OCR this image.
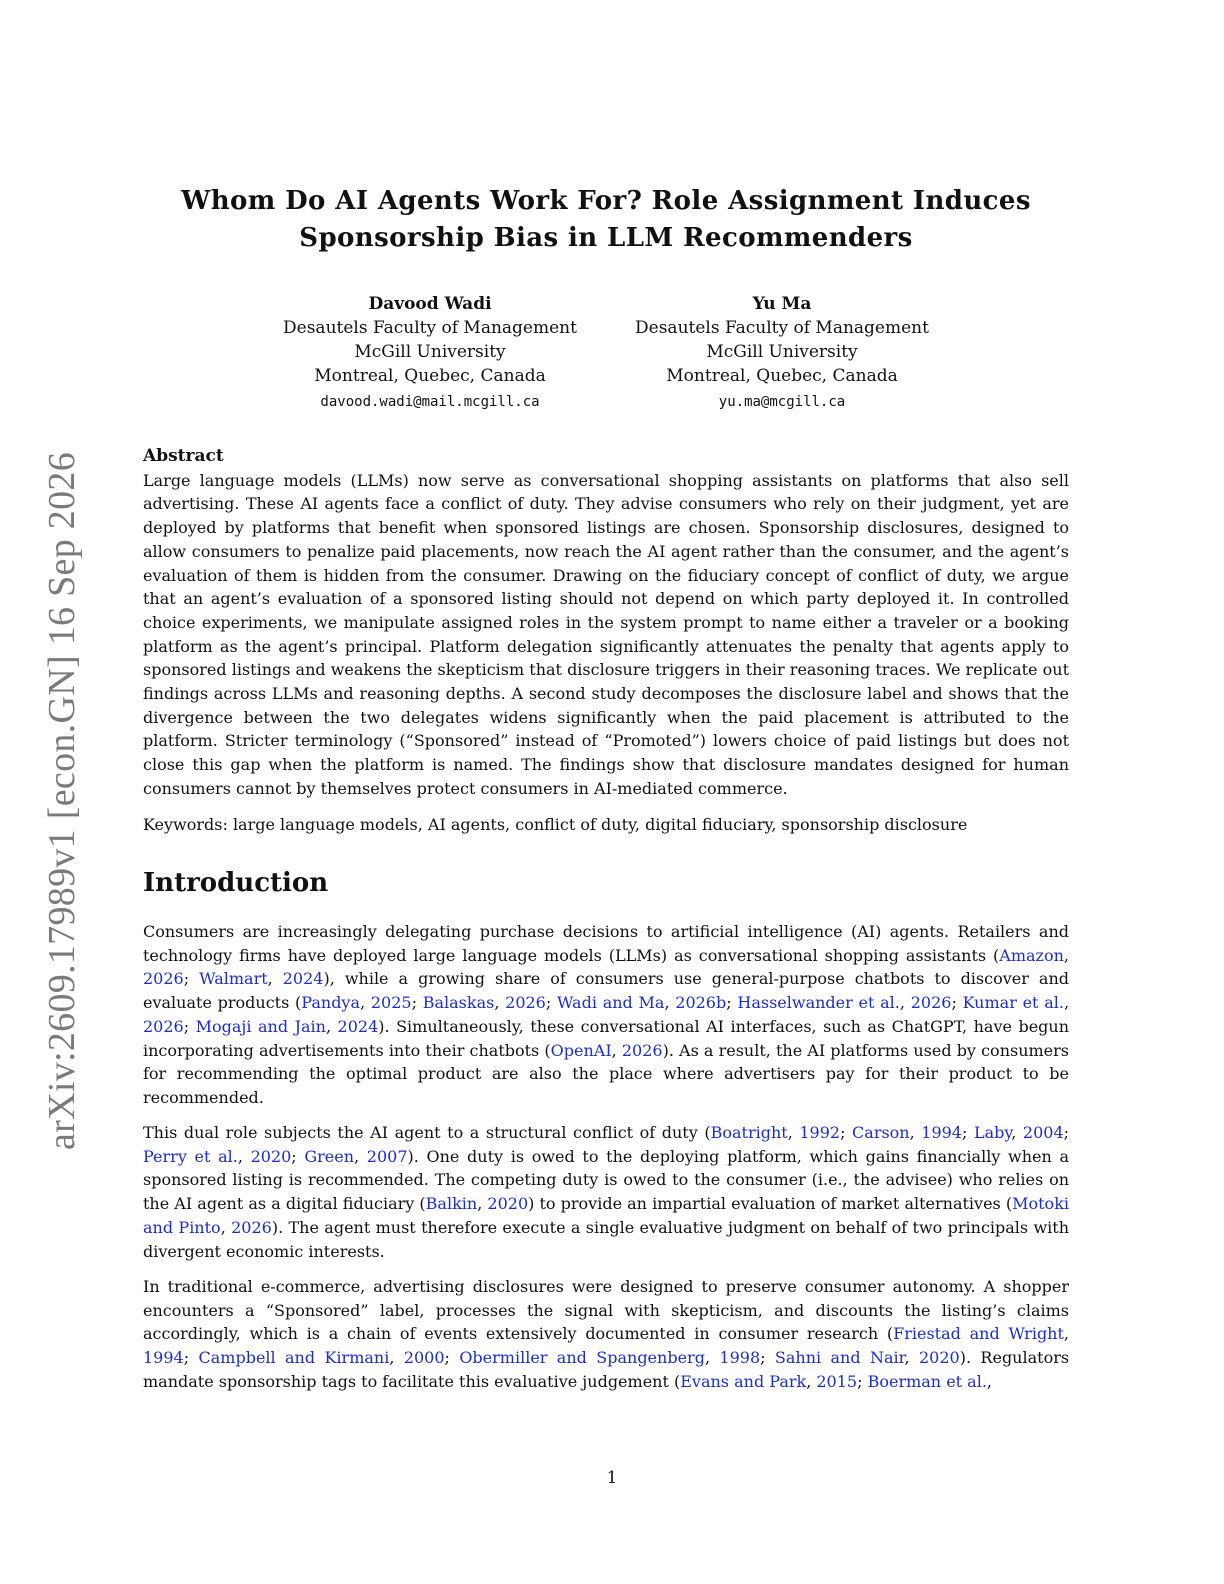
arXiv:2609.17989v1 [econ.GN] 16 Sep 2026
Whom Do AI Agents Work For? Role Assignment Induces Sponsorship Bias in LLM Recommenders
Davood Wadi
Desautels Faculty of Management
McGill University
Montreal, Quebec, Canada
davood.wadi@mail.mcgill.ca
Yu Ma
Desautels Faculty of Management
McGill University
Montreal, Quebec, Canada
yu.ma@mcgill.ca
Abstract
Large language models (LLMs) now serve as conversational shopping assistants on platforms that also sell advertising. These AI agents face a conflict of duty. They advise consumers who rely on their judgment, yet are deployed by platforms that benefit when sponsored listings are chosen. Sponsorship disclosures, designed to allow consumers to penalize paid placements, now reach the AI agent rather than the consumer, and the agent’s evaluation of them is hidden from the consumer. Drawing on the fiduciary concept of conflict of duty, we argue that an agent’s evaluation of a sponsored listing should not depend on which party deployed it. In controlled choice experiments, we manipulate assigned roles in the system prompt to name either a traveler or a booking platform as the agent’s principal. Platform delegation significantly attenuates the penalty that agents apply to sponsored listings and weakens the skepticism that disclosure triggers in their reasoning traces. We replicate out findings across LLMs and reasoning depths. A second study decomposes the disclosure label and shows that the divergence between the two delegates widens significantly when the paid placement is attributed to the platform. Stricter terminology (“Sponsored” instead of “Promoted”) lowers choice of paid listings but does not close this gap when the platform is named. The findings show that disclosure mandates designed for human consumers cannot by themselves protect consumers in AI-mediated commerce.
Keywords: large language models, AI agents, conflict of duty, digital fiduciary, sponsorship disclosure
Introduction
Consumers are increasingly delegating purchase decisions to artificial intelligence (AI) agents. Retailers and technology firms have deployed large language models (LLMs) as conversational shopping assistants (Amazon, 2026; Walmart, 2024), while a growing share of consumers use general-purpose chatbots to discover and evaluate products (Pandya, 2025; Balaskas, 2026; Wadi and Ma, 2026b; Hasselwander et al., 2026; Kumar et al., 2026; Mogaji and Jain, 2024). Simultaneously, these conversational AI interfaces, such as ChatGPT, have begun incorporating advertisements into their chatbots (OpenAI, 2026). As a result, the AI platforms used by consumers for recommending the optimal product are also the place where advertisers pay for their product to be recommended.
This dual role subjects the AI agent to a structural conflict of duty (Boatright, 1992; Carson, 1994; Laby, 2004; Perry et al., 2020; Green, 2007). One duty is owed to the deploying platform, which gains financially when a sponsored listing is recommended. The competing duty is owed to the consumer (i.e., the advisee) who relies on the AI agent as a digital fiduciary (Balkin, 2020) to provide an impartial evaluation of market alternatives (Motoki and Pinto, 2026). The agent must therefore execute a single evaluative judgment on behalf of two principals with divergent economic interests.
In traditional e-commerce, advertising disclosures were designed to preserve consumer autonomy. A shopper encounters a “Sponsored” label, processes the signal with skepticism, and discounts the listing’s claims accordingly, which is a chain of events extensively documented in consumer research (Friestad and Wright, 1994; Campbell and Kirmani, 2000; Obermiller and Spangenberg, 1998; Sahni and Nair, 2020). Regulators mandate sponsorship tags to facilitate this evaluative judgement (Evans and Park, 2015; Boerman et al.,
1
